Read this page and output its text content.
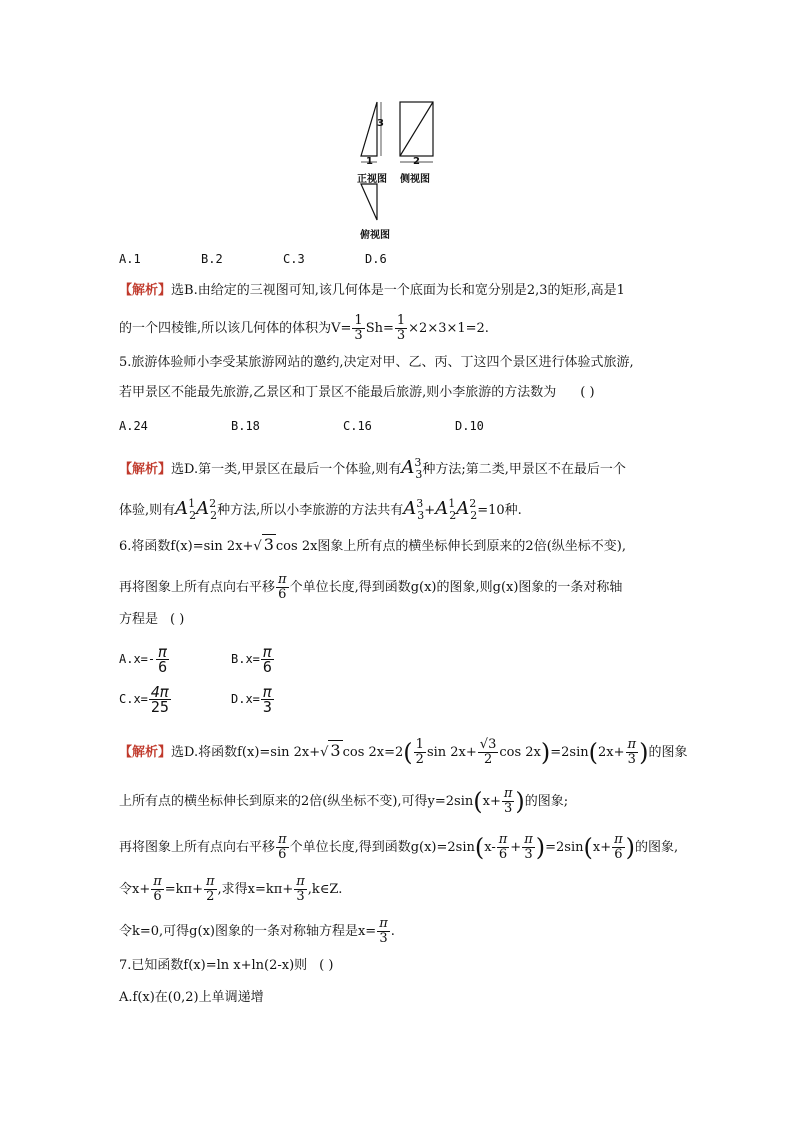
3
1	2
正视图 侧视图
俯视图
A.1	B.2	C.3	D.6
【解析】选B.由给定的三视图可知,该几何体是一个底面为长和宽分别是2,3的矩形,高是1
的一个四棱锥,所以该几何体的体积为$V= \frac{1}{3} Sh= \frac{1}{3} \times 2\times 3\times 1=2$.
5.旅游体验师小李受某旅游网站的邀约,决定对甲、乙、丙、丁这四个景区进行体验式旅游,
若甲景区不能最先旅游,乙景区和丁景区不能最后旅游,则小李旅游的方法数为 ( )
A.24	B.18	C.16	D.10
【解析】选D.第一类,甲景区在最后一个体验,则有$A^3_3$种方法;第二类,甲景区不在最后一个
体验,则有$A^1_2A^2_2$种方法,所以小李旅游的方法共有$A^3_3+A^1_2A^2_2=10$种.
6.将函数f(x)=sin 2x+√ 3 cos 2x图象上所有点的横坐标伸长到原来的2倍(纵坐标不变),
再将图象上所有点向右平移 $\frac{\pi}{6}$ 个单位长度,得到函数g(x)的图象,则g(x)图象的一条对称轴
方程是 ( )
$A.x=- \frac{\pi}{6}$	$B.x= \frac{\pi}{6}$
$C.x= \frac{4\pi}{25}$	$D.x= \frac{\pi}{3}$
【解析】选D.将函数f(x)=sin 2x+√ 3 $\cos 2x=2( \frac{1}{2}$ $\sin 2x+ \frac{√3}{2}$ $\cos 2x)=2\sin(2x+ \frac{\pi}{3}$ )的图象
上所有点的横坐标伸长到原来的2倍(纵坐标不变),可得$y=2\sin(x+ \frac{\pi}{3}$ )的图象;
再将图象上所有点向右平移 $\frac{\pi}{6}$ 个单位长度,得到函数$g(x)=2\sin(x- \frac{\pi}{6} + \frac{\pi}{3} )=2\sin(x+ \frac{\pi}{6}$ )的图象,
令$x+ \frac{\pi}{6} =k\pi+ \frac{\pi}{2}$ ,求得$x=k\pi+ \frac{\pi}{3}$ ,k∈Z.
令k=0,可得g(x)图象的一条对称轴方程是$x= \frac{\pi}{3}$ .
7.已知函数f(x)=ln x+ln(2-x)则 ( )
A.f(x)在(0,2)上单调递增
